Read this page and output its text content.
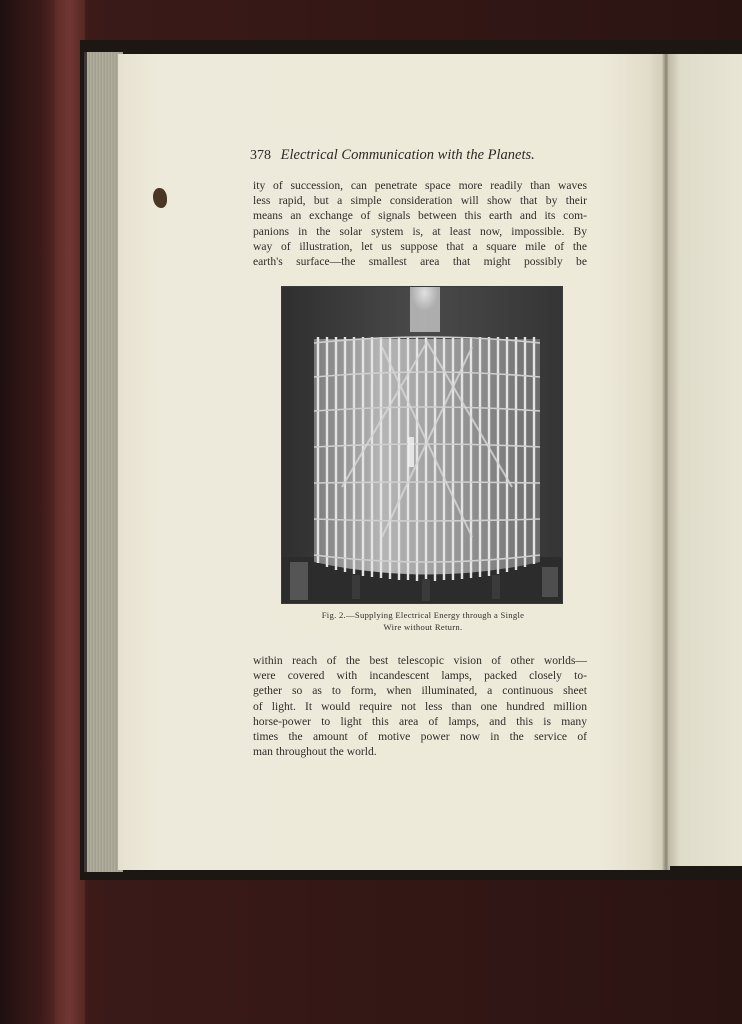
378 Electrical Communication with the Planets.
ity of succession, can penetrate space more readily than waves
less rapid, but a simple consideration will show that by their
means an exchange of signals between this earth and its com-
panions in the solar system is, at least now, impossible. By
way of illustration, let us suppose that a square mile of the
earth's surface—the smallest area that might possibly be
Fig. 2.—Supplying Electrical Energy through a Single
Wire without Return.
within reach of the best telescopic vision of other worlds—
were covered with incandescent lamps, packed closely to-
gether so as to form, when illuminated, a continuous sheet
of light. It would require not less than one hundred million
horse-power to light this area of lamps, and this is many
times the amount of motive power now in the service of
man throughout the world.
